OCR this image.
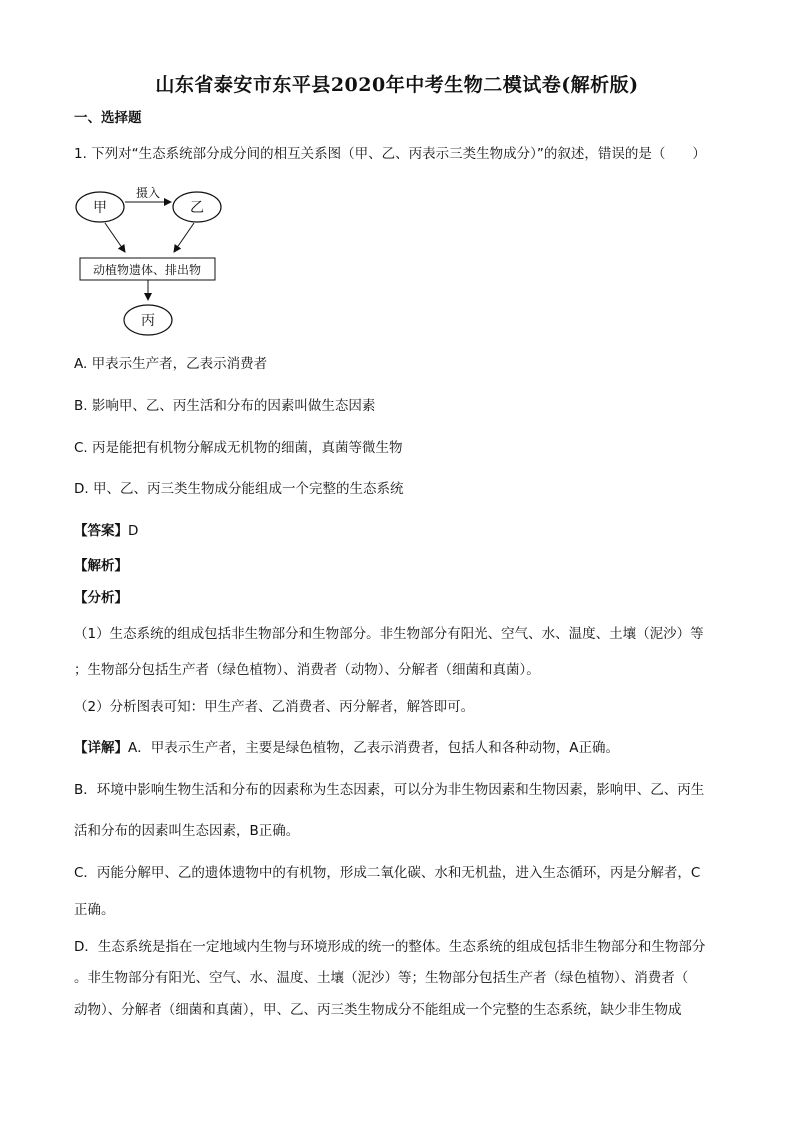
山东省泰安市东平县2020年中考生物二模试卷(解析版)
一、选择题
1. 下列对“生态系统部分成分间的相互关系图（甲、乙、丙表示三类生物成分）”的叙述，错误的是（　　）
甲	乙
摄入
动植物遗体、排出物
丙
A. 甲表示生产者，乙表示消费者
B. 影响甲、乙、丙生活和分布的因素叫做生态因素
C. 丙是能把有机物分解成无机物的细菌，真菌等微生物
D. 甲、乙、丙三类生物成分能组成一个完整的生态系统
【答案】D
【解析】
【分析】
（1）生态系统的组成包括非生物部分和生物部分。非生物部分有阳光、空气、水、温度、土壤（泥沙）等
；生物部分包括生产者（绿色植物）、消费者（动物）、分解者（细菌和真菌）。
（2）分析图表可知：甲生产者、乙消费者、丙分解者，解答即可。
【详解】A．甲表示生产者，主要是绿色植物，乙表示消费者，包括人和各种动物，A正确。
B．环境中影响生物生活和分布的因素称为生态因素，可以分为非生物因素和生物因素，影响甲、乙、丙生
活和分布的因素叫生态因素，B正确。
C．丙能分解甲、乙的遗体遗物中的有机物，形成二氧化碳、水和无机盐，进入生态循环，丙是分解者，C
正确。
D．生态系统是指在一定地域内生物与环境形成的统一的整体。生态系统的组成包括非生物部分和生物部分
。非生物部分有阳光、空气、水、温度、土壤（泥沙）等；生物部分包括生产者（绿色植物）、消费者（
动物）、分解者（细菌和真菌），甲、乙、丙三类生物成分不能组成一个完整的生态系统，缺少非生物成
